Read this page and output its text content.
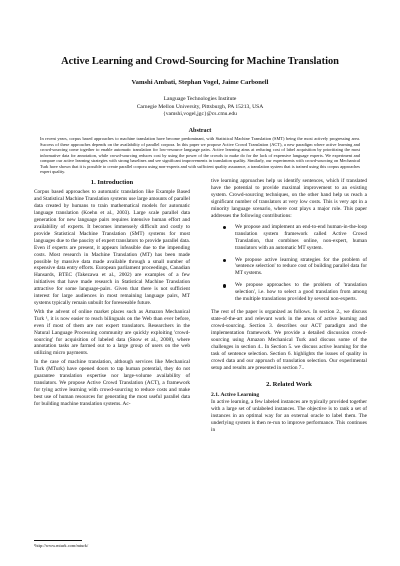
Active Learning and Crowd-Sourcing for Machine Translation
Vamshi Ambati, Stephan Vogel, Jaime Carbonell
Language Technologies Institute
Carnegie Mellon University, Pittsburgh, PA 15213, USA
{vamshi,vogel,jgc}@cs.cmu.edu
Abstract
In recent years, corpus based approaches to machine translation have become predominant, with Statistical Machine Translation (SMT) being the most actively progressing area. Success of these approaches depends on the availability of parallel corpora. In this paper we propose Active Crowd Translation (ACT), a new paradigm where active learning and crowd-sourcing come together to enable automatic translation for low-resource language pairs. Active learning aims at reducing cost of label acquisition by prioritizing the most informative data for annotation, while crowd-sourcing reduces cost by using the power of the crowds to make do for the lack of expensive language experts. We experiment and compare our active learning strategies with strong baselines and see significant improvements in translation quality. Similarly, our experiments with crowd-sourcing on Mechanical Turk have shown that it is possible to create parallel corpora using non-experts and with sufficient quality assurance, a translation system that is trained using this corpus approaches expert quality.
1. Introduction

Corpus based approaches to automatic translation like Example Based and Statistical Machine Translation systems use large amounts of parallel data created by humans to train mathematical models for automatic language translation (Koehn et al., 2003). Large scale parallel data generation for new language pairs requires intensive human effort and availability of experts. It becomes immensely difficult and costly to provide Statistical Machine Translation (SMT) systems for most languages due to the paucity of expert translators to provide parallel data. Even if experts are present, it appears infeasible due to the impending costs. Most research in Machine Translation (MT) has been made possible by massive data made available through a small number of expensive data entry efforts. European parliament proceedings, Canadian Hansards, BTEC (Takezawa et al., 2002) are examples of a few initiatives that have made research in Statistical Machine Translation attractive for some language-pairs. Given that there is not sufficient interest for large audiences in most remaining language pairs, MT systems typically remain unbuilt for foreseeable future.

With the advent of online market places such as Amazon Mechanical Turk ¹, it is now easier to reach bilinguals on the Web than ever before, even if most of them are not expert translators. Researchers in the Natural Language Processing community are quickly exploiting 'crowd-sourcing' for acquisition of labeled data (Snow et al., 2008), where annotation tasks are farmed out to a large group of users on the web utilizing micro payments.

In the case of machine translation, although services like Mechanical Turk (MTurk) have opened doors to tap human potential, they do not guarantee translation expertise nor large-volume availability of translators. We propose Active Crowd Translation (ACT), a framework for tying active learning with crowd-sourcing to reduce costs and make best use of human resources for generating the most useful parallel data for building machine translation systems. Ac-

¹http://www.mturk.com/mturk/

tive learning approaches help us identify sentences, which if translated have the potential to provide maximal improvement to an existing system. Crowd-sourcing techniques, on the other hand help us reach a significant number of translators at very low costs. This is very apt in a minority language scenario, where cost plays a major role. This paper addresses the following contributions:

We propose and implement an end-to-end human-in-the-loop translation system framework called Active Crowd Translation, that combines online, non-expert, human translators with an automatic MT system.
We propose active learning strategies for the problem of 'sentence selection' to reduce cost of building parallel data for MT systems.
We propose approaches to the problem of 'translation selection', i.e. how to select a good translation from among the multiple translations provided by several non-experts.

The rest of the paper is organized as follows. In section 2., we discuss state-of-the-art and relevant work in the areas of active learning and crowd-sourcing. Section 3. describes our ACT paradigm and the implementation framework. We provide a detailed discussion crowd-sourcing using Amazon Mechanical Turk and discuss some of the challenges in section 4.. In Section 5. we discuss active learning for the task of sentence selection. Section 6. highlights the issues of quality in crowd data and our approach of translation selection. Our experimental setup and results are presented in section 7..

2. Related Work
2.1. Active Learning

In active learning, a few labeled instances are typically provided together with a large set of unlabeled instances. The objective is to rank a set of instances in an optimal way for an external oracle to label them. The underlying system is then re-run to improve performance. This continues in
